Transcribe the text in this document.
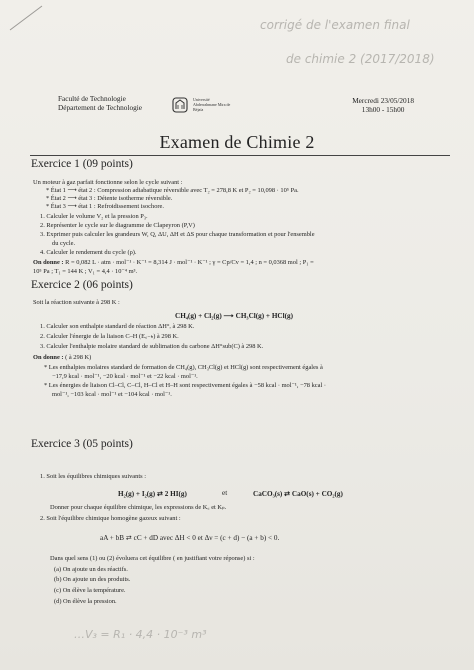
corrigé de l'examen final
de chimie 2 (2017/2018)
…V₃ = R₁ · 4,4 · 10⁻³ m³
Faculté de Technologie
Département de Technologie
Université Abderrahmane Mira de Béjaïa
Mercredi 23/05/2018
13h00 - 15h00
Examen de Chimie 2
Exercice 1 (09 points)
Un moteur à gaz parfait fonctionne selon le cycle suivant :
* État 1 ⟶ état 2 : Compression adiabatique réversible avec T₂ = 278,8 K et P₂ = 10,098 · 10⁵ Pa.
* État 2 ⟶ état 3 : Détente isotherme réversible.
* État 3 ⟶ état 1 : Refroidissement isochore.
1. Calculer le volume V₂ et la pression P₃.
2. Représenter le cycle sur le diagramme de Clapeyron (P,V)
3. Exprimer puis calculer les grandeurs W, Q, ΔU, ΔH et ΔS pour chaque transformation et pour l'ensemble
du cycle.
4. Calculer le rendement du cycle (ρ).
On donne : R = 0,082 L · atm · mol⁻¹ · K⁻¹ = 8,314 J · mol⁻¹ · K⁻¹ ; γ = Cp/Cv = 1,4 ; n = 0,0368 mol ; P₁ =
10⁵ Pa ; T₁ = 144 K ; V₁ = 4,4 · 10⁻⁴ m³.
Exercice 2 (06 points)
Soit la réaction suivante à 298 K :
CH₄(g) + Cl₂(g) ⟶ CH₃Cl(g) + HCl(g)
1. Calculer son enthalpie standard de réaction ΔH°ᵣ à 298 K.
2. Calculer l'énergie de la liaison C–H (E꜀₋ₕ) à 298 K.
3. Calculer l'enthalpie molaire standard de sublimation du carbone ΔH°sub(C) à 298 K.
On donne : ( à 298 K)
* Les enthalpies molaires standard de formation de CH₄(g), CH₃Cl(g) et HCl(g) sont respectivement égales à
−17,9 kcal · mol⁻¹, −20 kcal · mol⁻¹ et −22 kcal · mol⁻¹.
* Les énergies de liaison Cl–Cl, C–Cl, H–Cl et H–H sont respectivement égales à −58 kcal · mol⁻¹, −78 kcal ·
mol⁻¹, −103 kcal · mol⁻¹ et −104 kcal · mol⁻¹.
Exercice 3 (05 points)
1. Soit les équilibres chimiques suivants :
H₂(g) + I₂(g) ⇄ 2 HI(g)	et	CaCO₃(s) ⇄ CaO(s) + CO₂(g)
Donner pour chaque équilibre chimique, les expressions de K꜀ et Kₚ.
2. Soit l'équilibre chimique homogène gazeux suivant :
aA + bB ⇄ cC + dD avec ΔH < 0 et Δν = (c + d) − (a + b) < 0.
Dans quel sens (1) ou (2) évoluera cet équilibre ( en justifiant votre réponse) si :
(a) On ajoute un des réactifs.
(b) On ajoute un des produits.
(c) On élève la température.
(d) On élève la pression.
